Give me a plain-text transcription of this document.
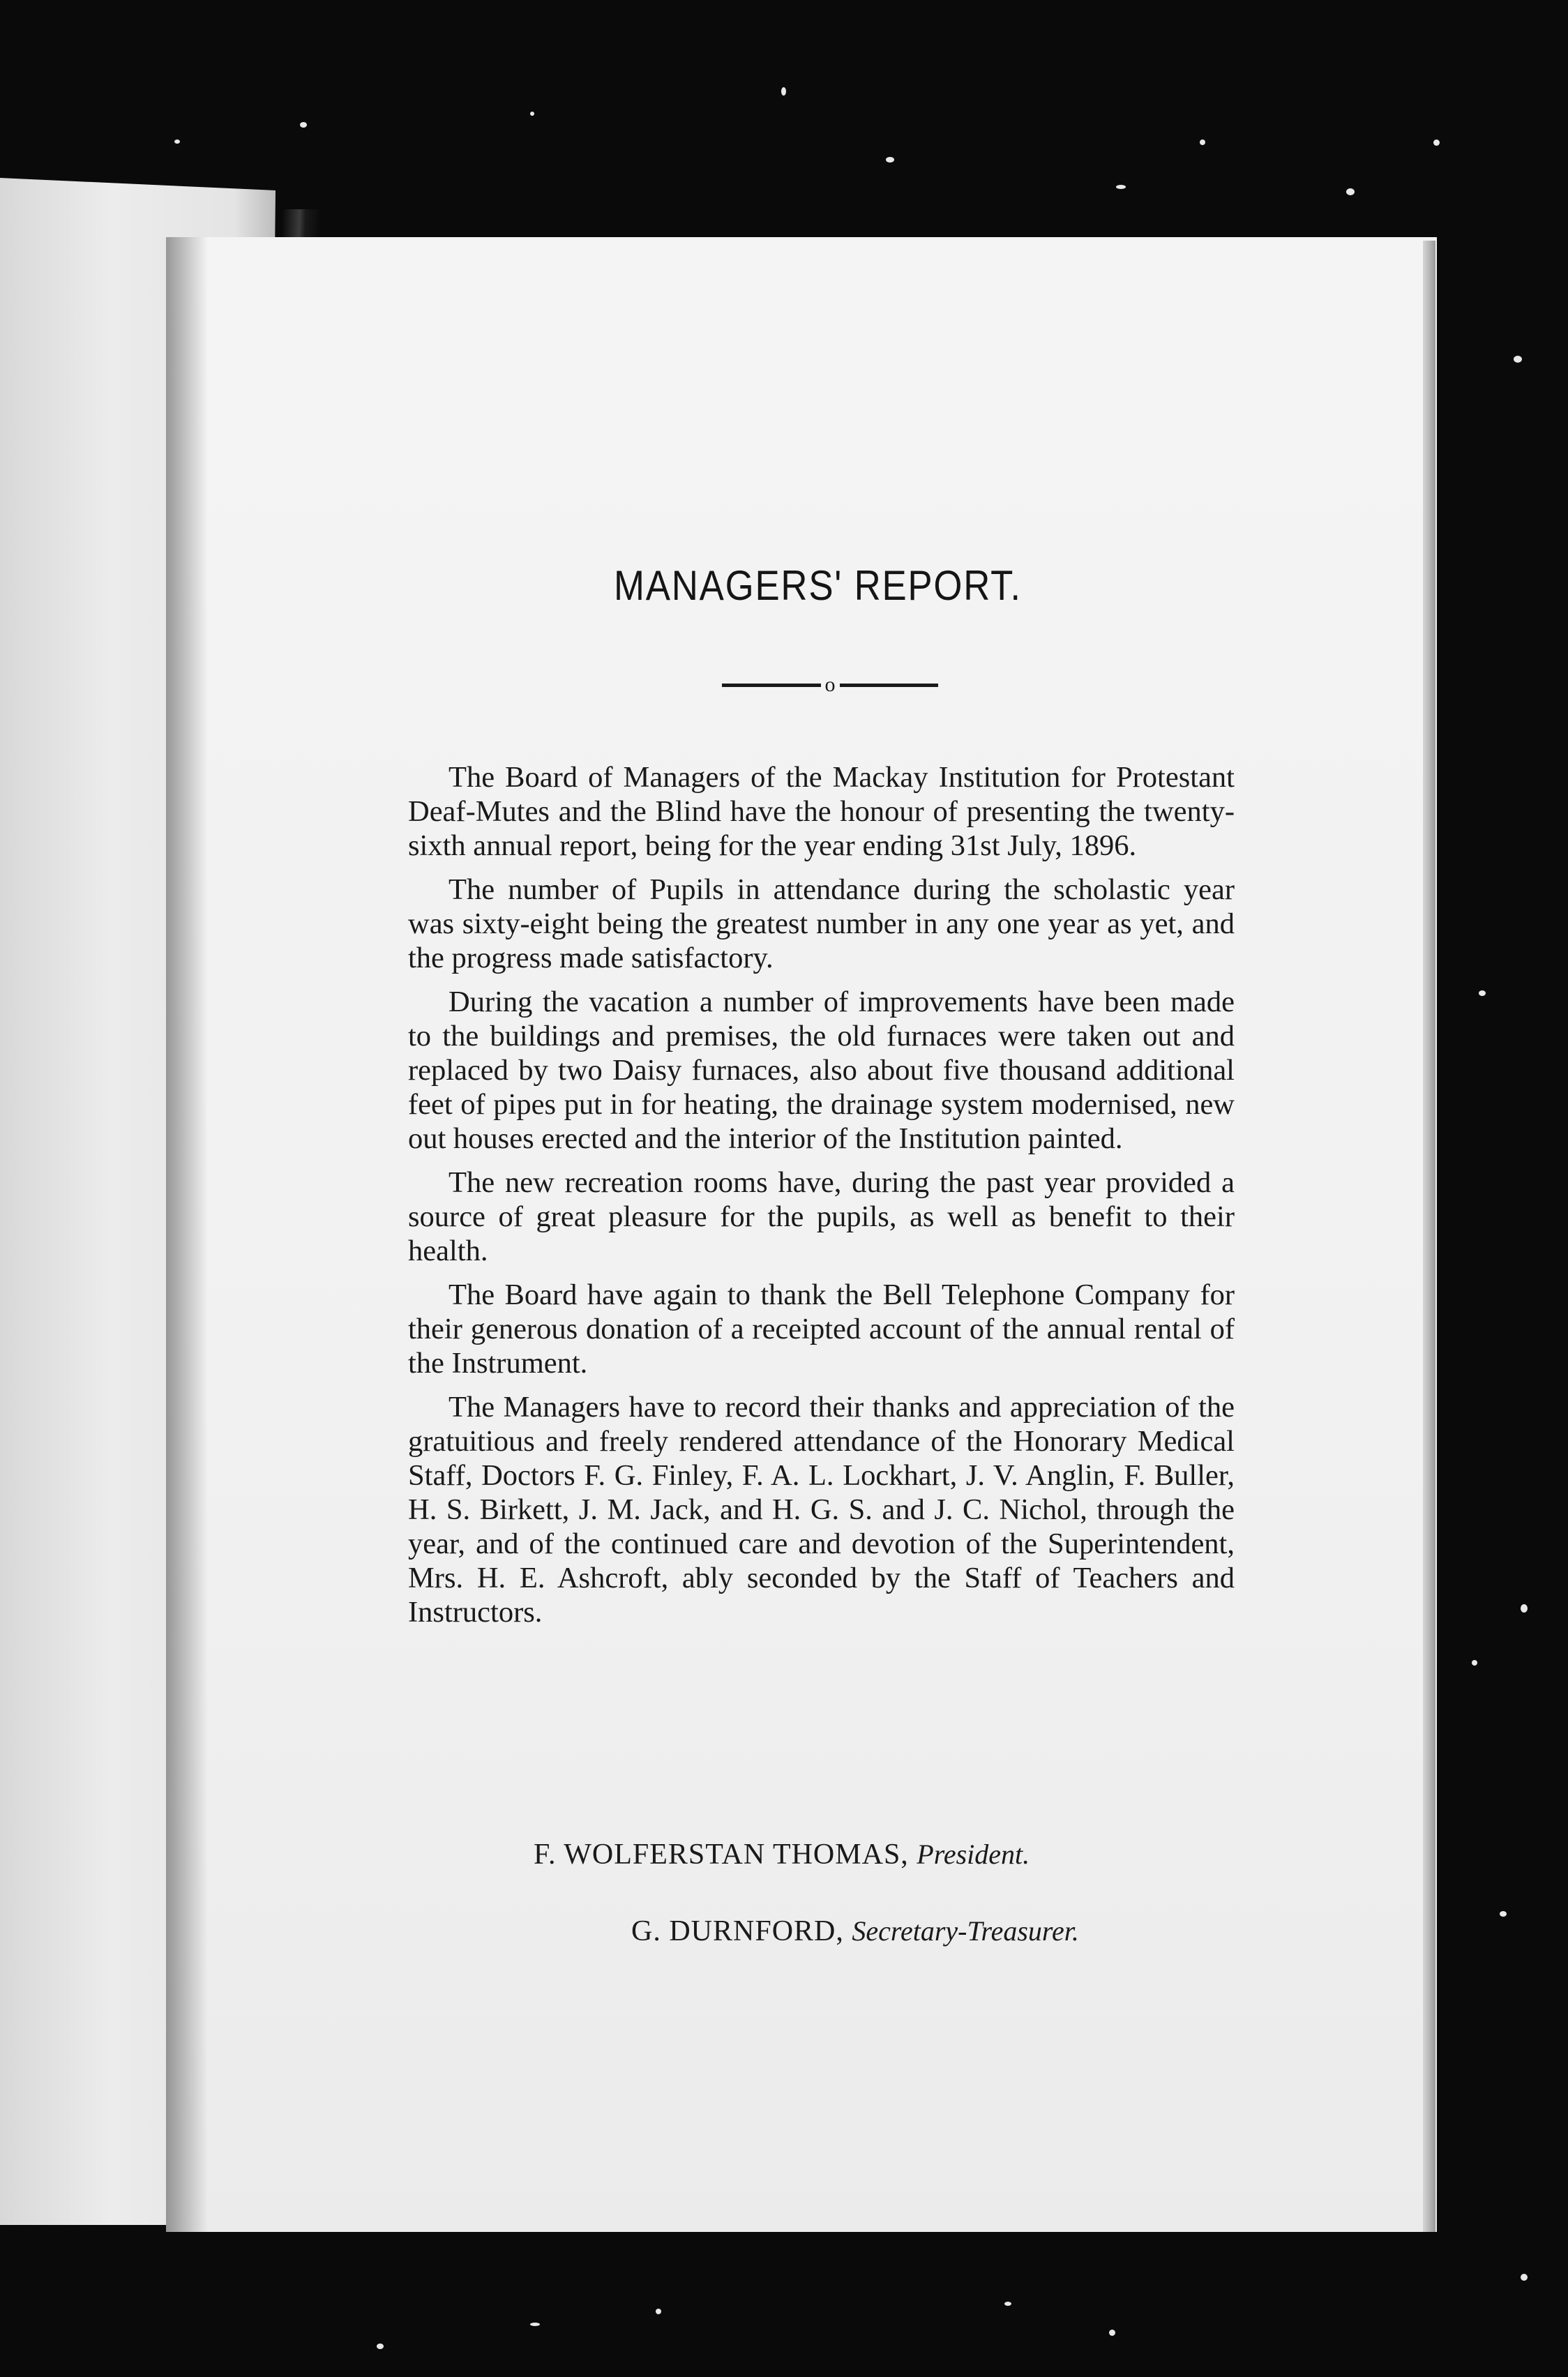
MANAGERS' REPORT.
o

The Board of Managers of the Mackay Institution for Protestant Deaf-Mutes and the Blind have the honour of presenting the twenty-sixth annual report, being for the year ending 31st July, 1896.

The number of Pupils in attendance during the scholastic year was sixty-eight being the greatest number in any one year as yet, and the progress made satisfactory.

During the vacation a number of improvements have been made to the buildings and premises, the old furnaces were taken out and replaced by two Daisy furnaces, also about five thousand additional feet of pipes put in for heating, the drainage system modernised, new out houses erected and the interior of the Institution painted.

The new recreation rooms have, during the past year provided a source of great pleasure for the pupils, as well as benefit to their health.

The Board have again to thank the Bell Telephone Company for their generous donation of a receipted account of the annual rental of the Instrument.

The Managers have to record their thanks and appreciation of the gratuitious and freely rendered attendance of the Honorary Medical Staff, Doctors F. G. Finley, F. A. L. Lockhart, J. V. Anglin, F. Buller, H. S. Birkett, J. M. Jack, and H. G. S. and J. C. Nichol, through the year, and of the continued care and devotion of the Superintendent, Mrs. H. E. Ashcroft, ably seconded by the Staff of Teachers and Instructors.

F. WOLFERSTAN THOMAS, President.
G. DURNFORD, Secretary-Treasurer.
